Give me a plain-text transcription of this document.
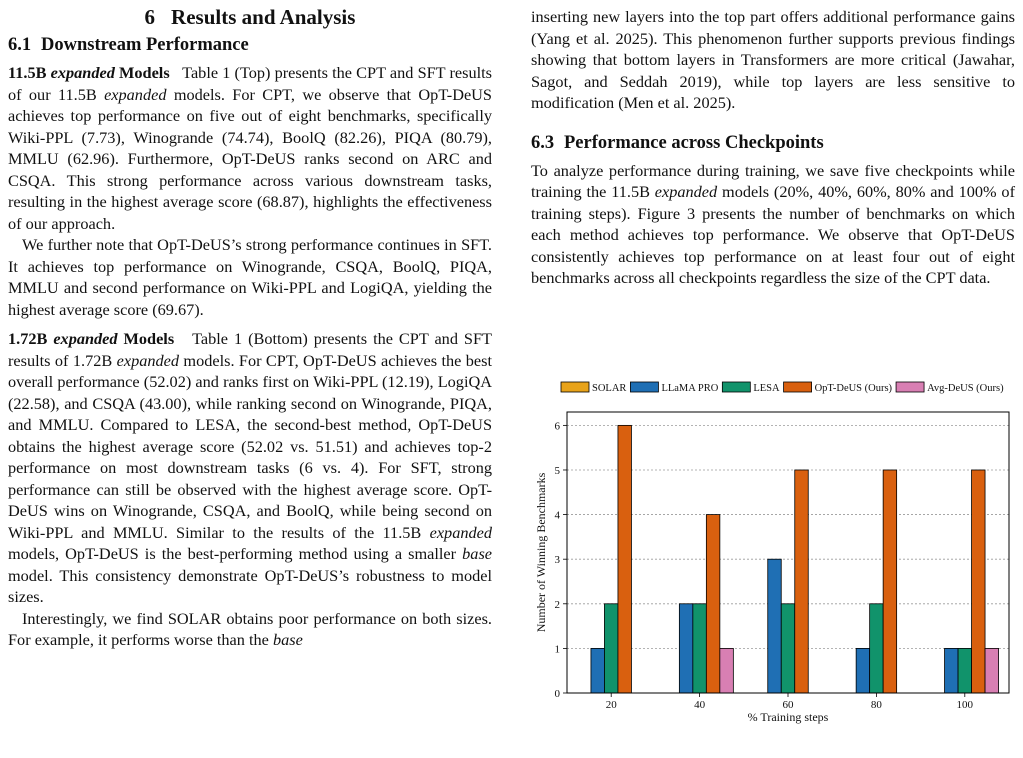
6 Results and Analysis
6.1 Downstream Performance

11.5B expanded Models Table 1 (Top) presents the CPT and SFT results of our 11.5B expanded models. For CPT, we observe that OpT-DeUS achieves top performance on five out of eight benchmarks, specifically Wiki-PPL (7.73), Winogrande (74.74), BoolQ (82.26), PIQA (80.79), MMLU (62.96). Furthermore, OpT-DeUS ranks second on ARC and CSQA. This strong performance across various downstream tasks, resulting in the highest average score (68.87), highlights the effectiveness of our approach.

We further note that OpT-DeUS’s strong performance continues in SFT. It achieves top performance on Winogrande, CSQA, BoolQ, PIQA, MMLU and second performance on Wiki-PPL and LogiQA, yielding the highest average score (69.67).

1.72B expanded Models Table 1 (Bottom) presents the CPT and SFT results of 1.72B expanded models. For CPT, OpT-DeUS achieves the best overall performance (52.02) and ranks first on Wiki-PPL (12.19), LogiQA (22.58), and CSQA (43.00), while ranking second on Winogrande, PIQA, and MMLU. Compared to LESA, the second-best method, OpT-DeUS obtains the highest average score (52.02 vs. 51.51) and achieves top-2 performance on most downstream tasks (6 vs. 4). For SFT, strong performance can still be observed with the highest average score. OpT-DeUS wins on Winogrande, CSQA, and BoolQ, while being second on Wiki-PPL and MMLU. Similar to the results of the 11.5B expanded models, OpT-DeUS is the best-performing method using a smaller base model. This consistency demonstrate OpT-DeUS’s robustness to model sizes.

Interestingly, we find SOLAR obtains poor performance on both sizes. For example, it performs worse than the base

inserting new layers into the top part offers additional performance gains (Yang et al. 2025). This phenomenon further supports previous findings showing that bottom layers in Transformers are more critical (Jawahar, Sagot, and Seddah 2019), while top layers are less sensitive to modification (Men et al. 2025).

6.3 Performance across Checkpoints

To analyze performance during training, we save five checkpoints while training the 11.5B expanded models (20%, 40%, 60%, 80% and 100% of training steps). Figure 3 presents the number of benchmarks on which each method achieves top performance. We observe that OpT-DeUS consistently achieves top performance on at least four out of eight benchmarks across all checkpoints regardless the size of the CPT data.

SOLAR	LLaMA PRO	LESA	OpT-DeUS (Ours)	Avg-DeUS (Ours)
0
1
2
3
4
5
6
20	40	60	80	100
% Training steps
Number of Winning Benchmarks
